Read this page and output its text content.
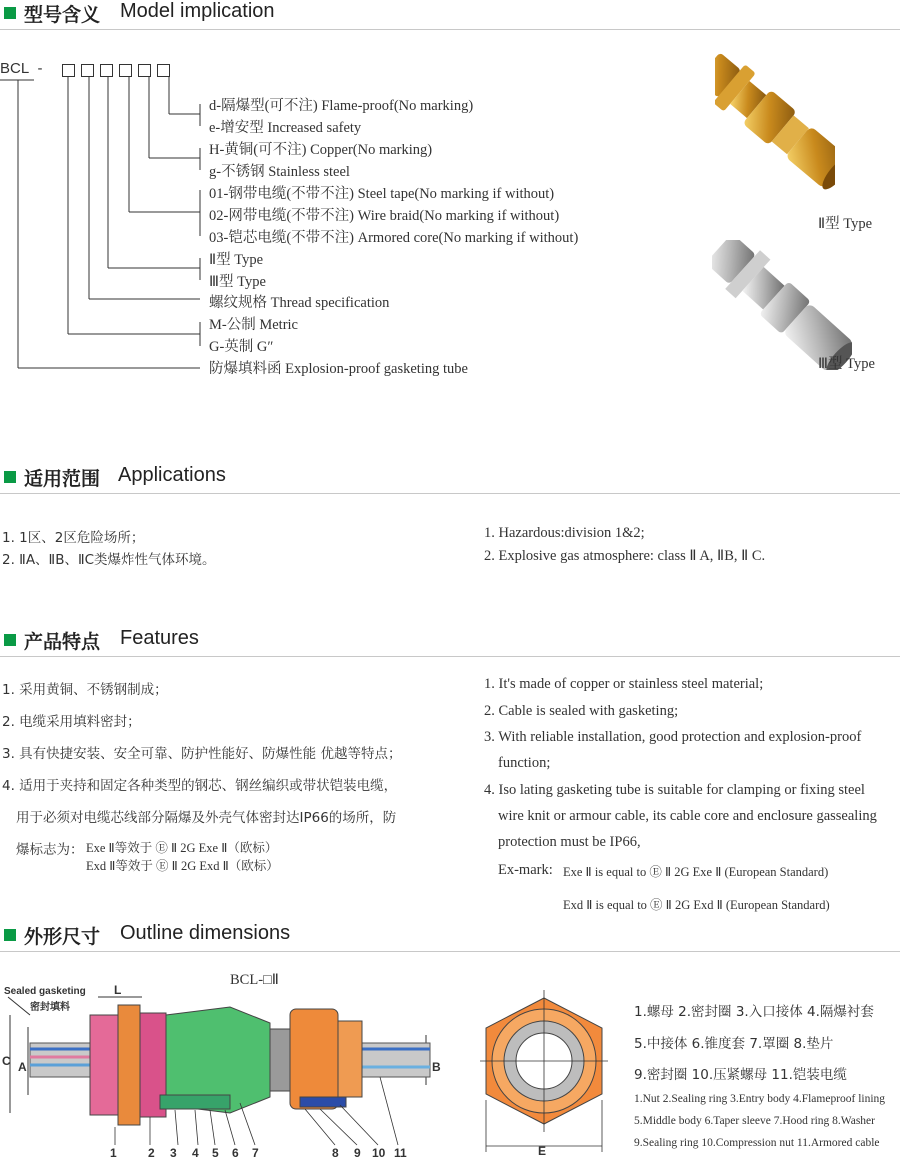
型号含义 Model implication
BCL -
d-隔爆型(可不注) Flame-proof(No marking)
e-增安型 Increased safety
H-黄铜(可不注) Copper(No marking)
g-不锈钢 Stainless steel
01-钢带电缆(不带不注) Steel tape(No marking if without)
02-网带电缆(不带不注) Wire braid(No marking if without)
03-铠芯电缆(不带不注) Armored core(No marking if without)
Ⅱ型 Type
Ⅲ型 Type
螺纹规格 Thread specification
M-公制 Metric
G-英制 G″
防爆填料函 Explosion-proof gasketing tube
Ⅱ型 Type
Ⅲ型 Type
适用范围 Applications
1. 1区、2区危险场所；
2. ⅡA、ⅡB、ⅡC类爆炸性气体环境。
1. Hazardous:division 1&2;
2. Explosive gas atmosphere: class Ⅱ A, ⅡB, Ⅱ C.
产品特点 Features
1. 采用黄铜、不锈钢制成；
2. 电缆采用填料密封；
3. 具有快捷安装、安全可靠、防护性能好、防爆性能 优越等特点；
4. 适用于夹持和固定各种类型的钢芯、钢丝编织或带状铠装电缆，
用于必须对电缆芯线部分隔爆及外壳气体密封达IP66的场所，防
爆标志为： Exe Ⅱ等效于 Ⓔ Ⅱ 2G Exe Ⅱ（欧标）
Exd Ⅱ等效于 Ⓔ Ⅱ 2G Exd Ⅱ（欧标）
1. It's made of copper or stainless steel material;
2. Cable is sealed with gasketing;
3. With reliable installation, good protection and explosion-proof
function;
4. Iso lating gasketing tube is suitable for clamping or fixing steel
wire knit or armour cable, its cable core and enclosure gassealing
protection must be IP66,
Ex-mark: Exe Ⅱ is equal to Ⓔ Ⅱ 2G Exe Ⅱ (European Standard)
Exd Ⅱ is equal to Ⓔ Ⅱ 2G Exd Ⅱ (European Standard)
外形尺寸 Outline dimensions
BCL-□Ⅱ
Sealed gasketing
密封填料
L
C A	B
1	2 3 4 5 6 7	8 9 10 11	E
1.螺母 2.密封圈 3.入口接体 4.隔爆衬套
5.中接体 6.锥度套 7.罩圈 8.垫片
9.密封圈 10.压紧螺母 11.铠装电缆
1.Nut 2.Sealing ring 3.Entry body 4.Flameproof lining
5.Middle body 6.Taper sleeve 7.Hood ring 8.Washer
9.Sealing ring 10.Compression nut 11.Armored cable
